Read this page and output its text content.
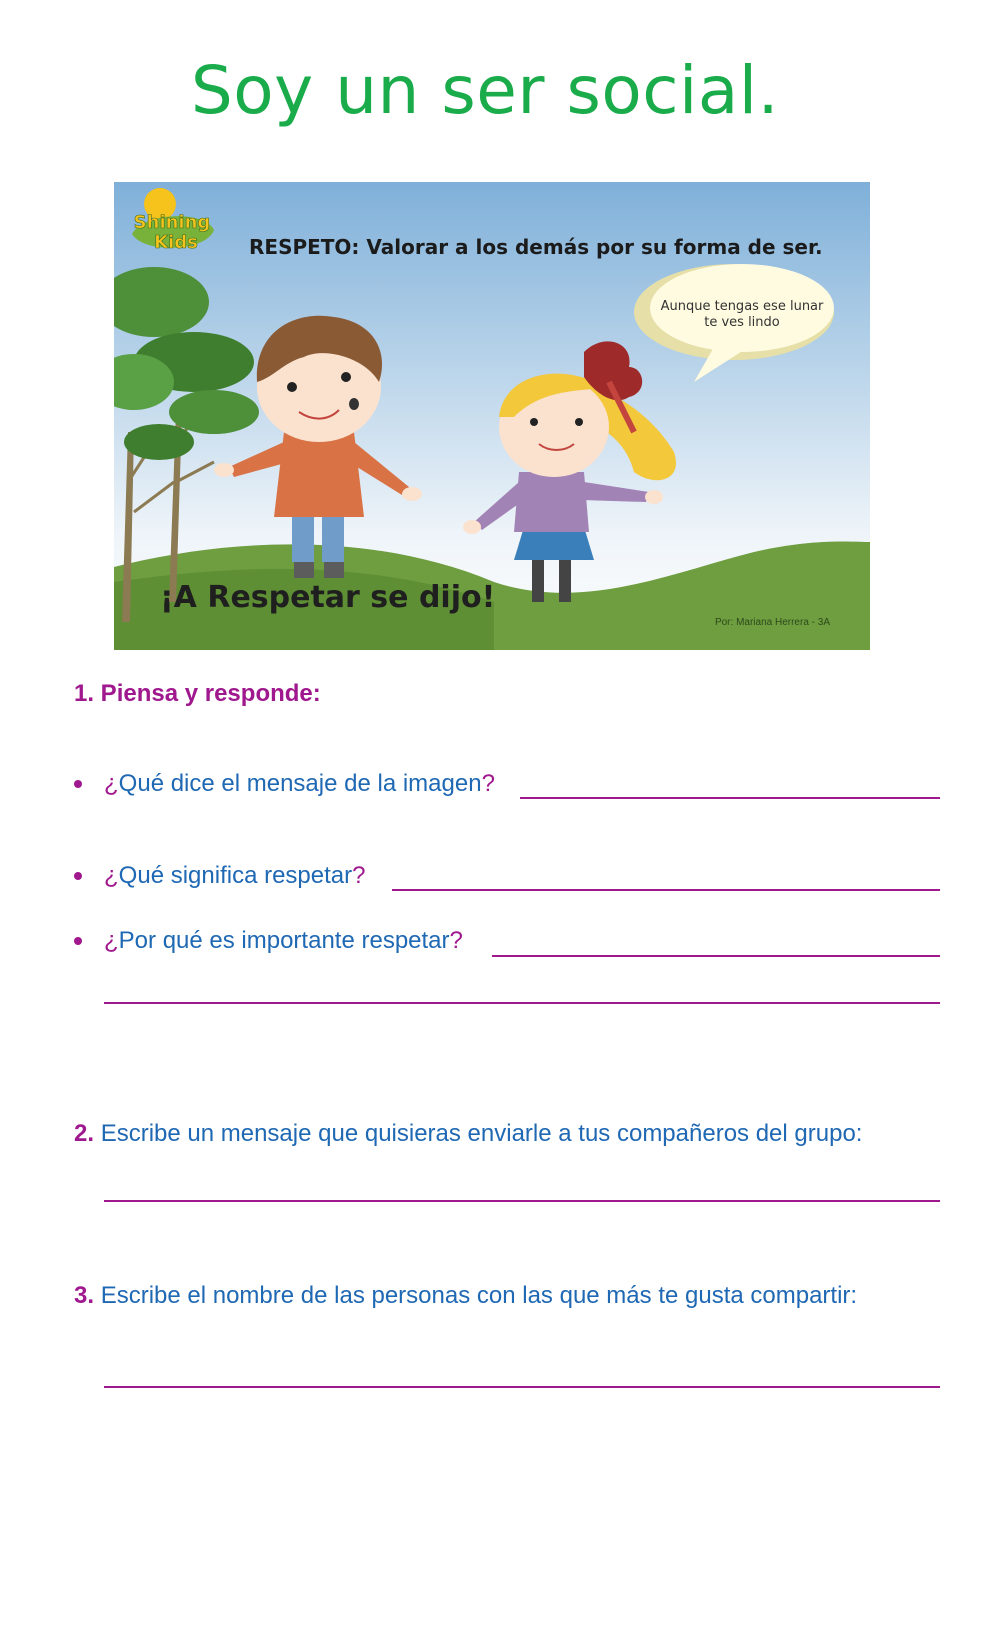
Soy un ser social.
Shining
Kids	RESPETO: Valorar a los demás por su forma de ser.
Aunque tengas ese lunar
te ves lindo
¡A Respetar se dijo!
Por: Mariana Herrera - 3A
1. Piensa y responde:
¿Qué dice el mensaje de la imagen?
¿Qué significa respetar?
¿Por qué es importante respetar?
2. Escribe un mensaje que quisieras enviarle a tus compañeros del grupo:
3. Escribe el nombre de las personas con las que más te gusta compartir:
